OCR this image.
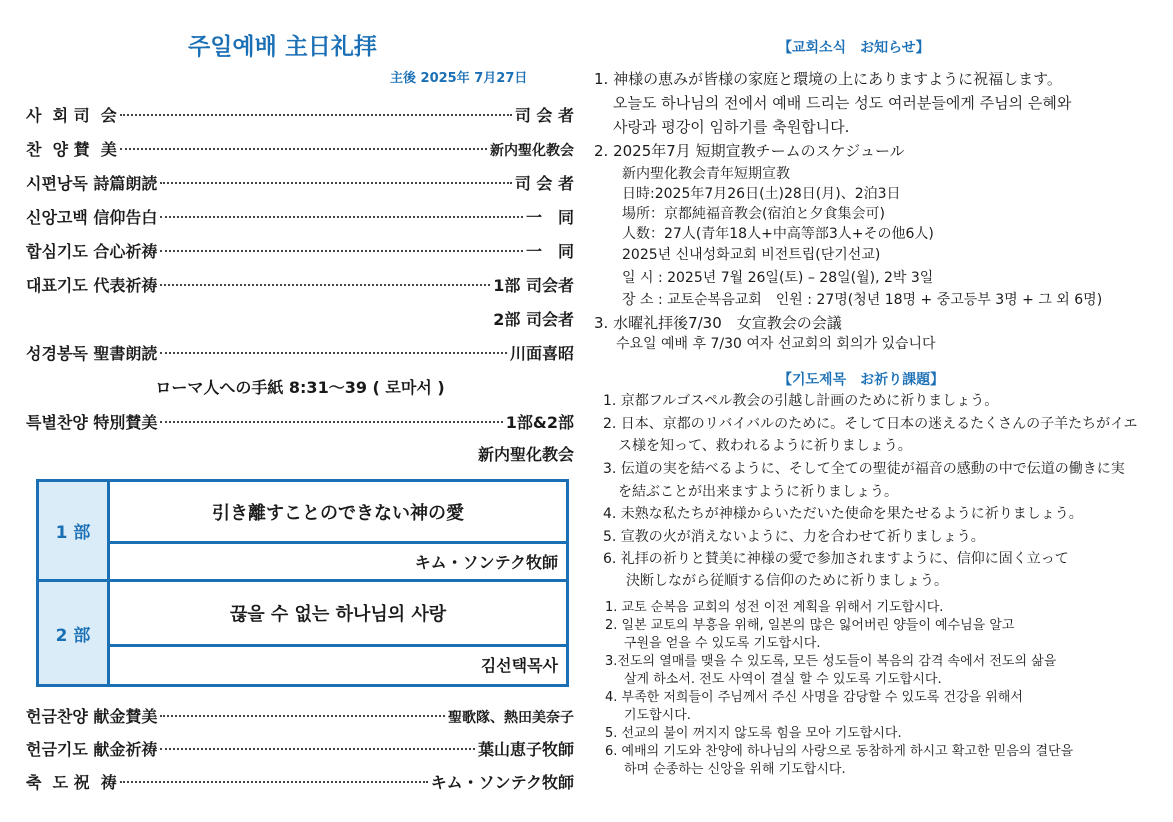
주일예배 主日礼拝
主後 2025年 7月27日
사  회 司  会	司 会 者
찬  양 賛  美	新内聖化教会
시편낭독 詩篇朗読	司 会 者
신앙고백 信仰告白	一　同
합심기도 合心祈祷	一　同
대표기도 代表祈祷	1部 司会者
2部 司会者
성경봉독 聖書朗読	川面喜昭
ローマ人への手紙 8:31～39 ( 로마서 )
특별찬양 特別賛美	1部&2部
新内聖化教会
1 部
引き離すことのできない神の愛
キム・ソンテク牧師
2 部
끊을 수 없는 하나님의 사랑
김선택목사
헌금찬양 献金賛美	聖歌隊、熱田美奈子
헌금기도 献金祈祷	葉山恵子牧師
축  도 祝  祷	キム・ソンテク牧師
【교회소식　お知らせ】
1. 神様の恵みが皆様の家庭と環境の上にありますように祝福します。
오늘도 하나님의 전에서 예배 드리는 성도 여러분들에게 주님의 은혜와
사랑과 평강이 임하기를 축원합니다.
2. 2025年7月 短期宣教チームのスケジュール
新内聖化教会青年短期宣教
日時:2025年7月26日(土)28日(月)、2泊3日
場所：京都純福音教会(宿泊と夕食集会可)
人数：27人(青年18人+中高等部3人+その他6人)
2025년 신내성화교회 비전트립(단기선교)
일 시 : 2025년 7월 26일(토) – 28일(월), 2박 3일
장 소 : 교토순복음교회　인원 : 27명(청년 18명 + 중고등부 3명 + 그 외 6명)
3. 水曜礼拝後7/30　女宣教会の会議
수요일 예배 후 7/30 여자 선교회의 회의가 있습니다
【기도제목　お祈り課題】
1. 京都フルゴスペル教会の引越し計画のために祈りましょう。
2. 日本、京都のリバイバルのために。そして日本の迷えるたくさんの子羊たちがイエ
ス様を知って、救われるように祈りましょう。
3. 伝道の実を結べるように、そして全ての聖徒が福音の感動の中で伝道の働きに実
を結ぶことが出来ますように祈りましょう。
4. 未熟な私たちが神様からいただいた使命を果たせるように祈りましょう。
5. 宣教の火が消えないように、力を合わせて祈りましょう。
6. 礼拝の祈りと賛美に神様の愛で参加されますように、信仰に固く立って
決断しながら従順する信仰のために祈りましょう。
1. 교토 순복음 교회의 성전 이전 계획을 위해서 기도합시다.
2. 일본 교토의 부흥을 위해, 일본의 많은 잃어버린 양들이 예수님을 알고
구원을 얻을 수 있도록 기도합시다.
3.전도의 열매를 맺을 수 있도록, 모든 성도들이 복음의 감격 속에서 전도의 삶을
살게 하소서. 전도 사역이 결실 할 수 있도록 기도합시다.
4. 부족한 저희들이 주님께서 주신 사명을 감당할 수 있도록 건강을 위해서
기도합시다.
5. 선교의 불이 꺼지지 않도록 힘을 모아 기도합시다.
6. 예배의 기도와 찬양에 하나님의 사랑으로 동참하게 하시고 확고한 믿음의 결단을
하며 순종하는 신앙을 위해 기도합시다.
